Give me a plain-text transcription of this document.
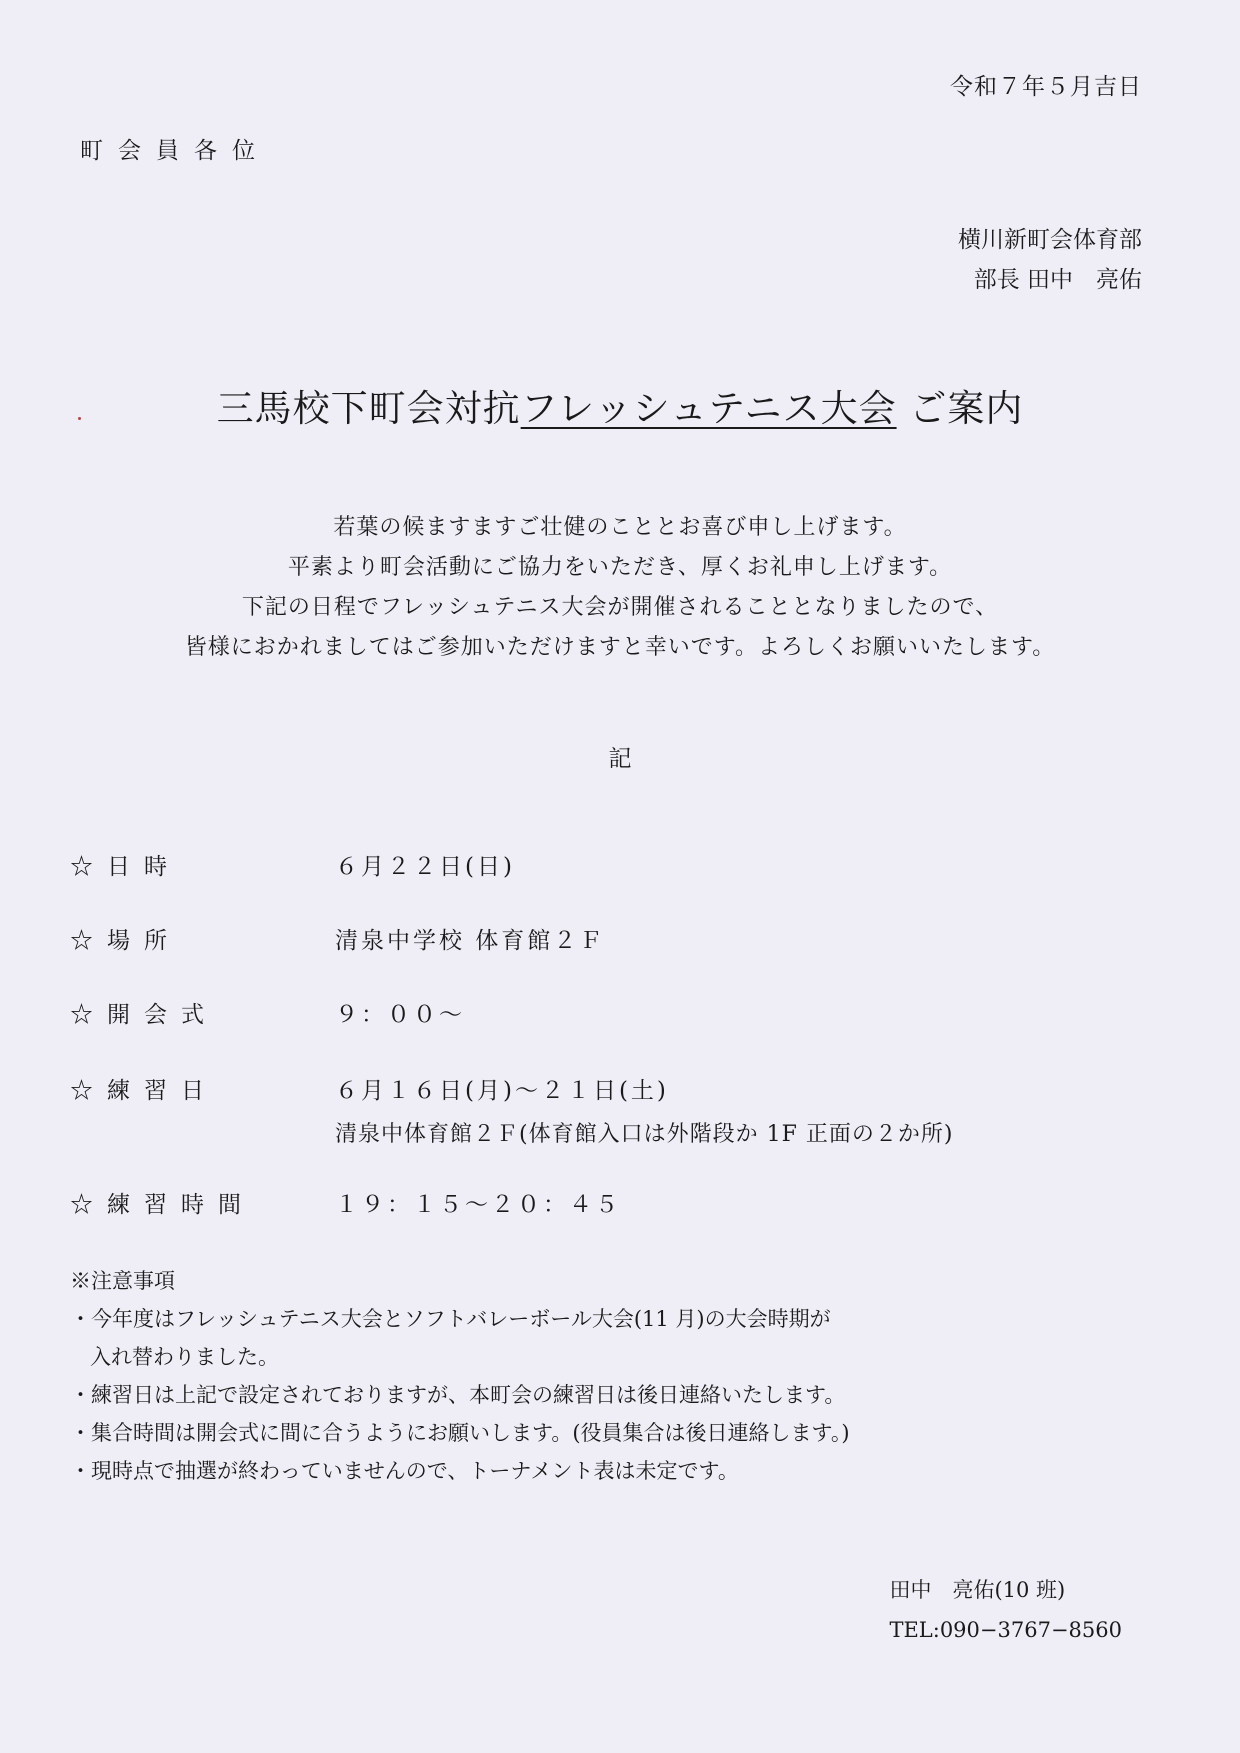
令和７年５月吉日
町会員各位
横川新町会体育部
部長 田中　亮佑
三馬校下町会対抗フレッシュテニス大会 ご案内
若葉の候ますますご壮健のこととお喜び申し上げます。
平素より町会活動にご協力をいただき、厚くお礼申し上げます。
下記の日程でフレッシュテニス大会が開催されることとなりましたので、
皆様におかれましてはご参加いただけますと幸いです。よろしくお願いいたします。
記
☆日時	６月２２日(日)
☆場所	清泉中学校 体育館２Ｆ
☆開会式	９：００〜
☆練習日	６月１６日(月)〜２１日(土)
清泉中体育館２Ｆ(体育館入口は外階段か 1F 正面の２か所)
☆練習時間	１９：１５〜２０：４５
※注意事項
・今年度はフレッシュテニス大会とソフトバレーボール大会(11 月)の大会時期が
入れ替わりました。
・練習日は上記で設定されておりますが、本町会の練習日は後日連絡いたします。
・集合時間は開会式に間に合うようにお願いします。(役員集合は後日連絡します。)
・現時点で抽選が終わっていませんので、トーナメント表は未定です。
田中　亮佑(10 班)
TEL:090−3767−8560
